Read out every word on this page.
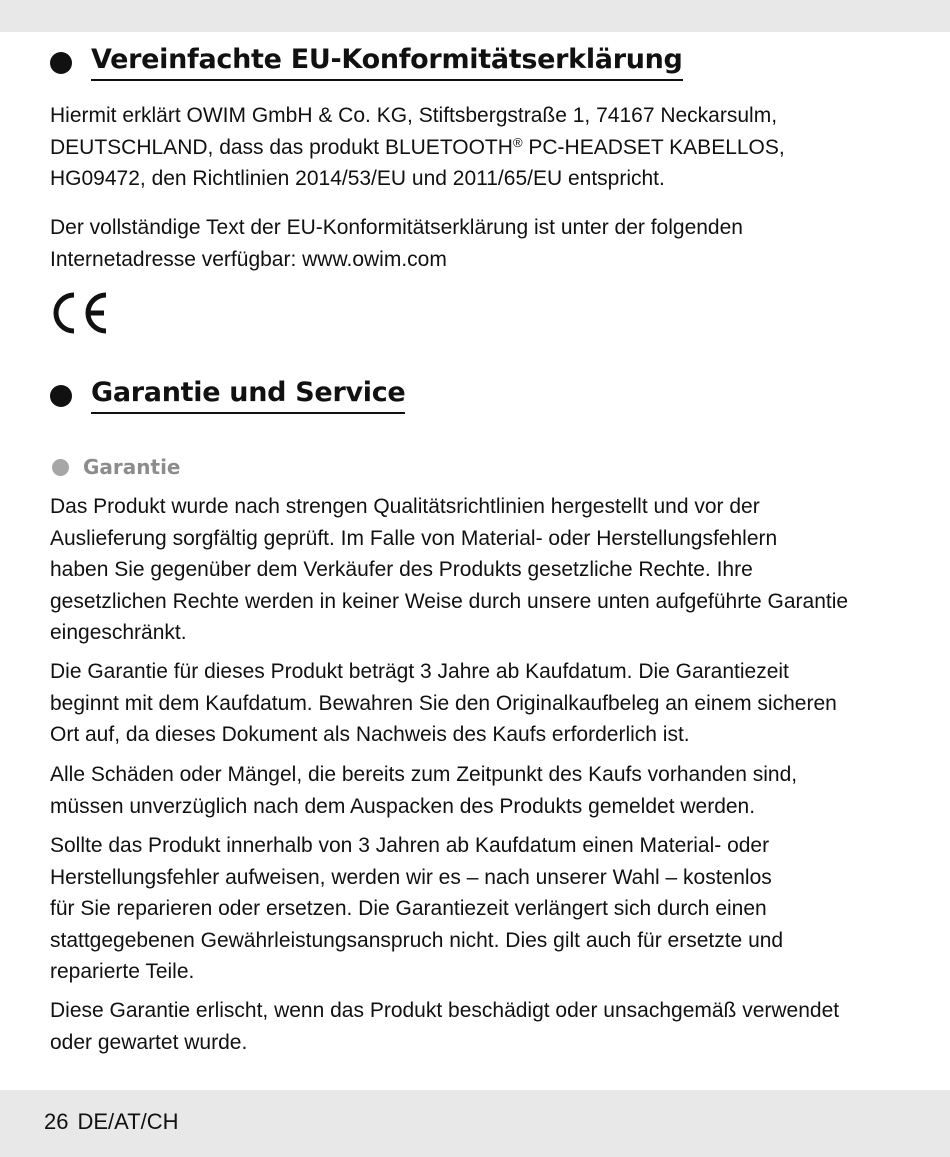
Vereinfachte EU-Konformitätserklärung

Hiermit erklärt OWIM GmbH & Co. KG, Stiftsbergstraße 1, 74167 Neckarsulm,
DEUTSCHLAND, dass das produkt BLUETOOTH® PC-HEADSET KABELLOS,
HG09472, den Richtlinien 2014/53/EU und 2011/65/EU entspricht.

Der vollständige Text der EU-Konformitätserklärung ist unter der folgenden
Internetadresse verfügbar: www.owim.com

Garantie und Service
Garantie

Das Produkt wurde nach strengen Qualitätsrichtlinien hergestellt und vor der
Auslieferung sorgfältig geprüft. Im Falle von Material- oder Herstellungsfehlern
haben Sie gegenüber dem Verkäufer des Produkts gesetzliche Rechte. Ihre
gesetzlichen Rechte werden in keiner Weise durch unsere unten aufgeführte Garantie
eingeschränkt.

Die Garantie für dieses Produkt beträgt 3 Jahre ab Kaufdatum. Die Garantiezeit
beginnt mit dem Kaufdatum. Bewahren Sie den Originalkaufbeleg an einem sicheren
Ort auf, da dieses Dokument als Nachweis des Kaufs erforderlich ist.

Alle Schäden oder Mängel, die bereits zum Zeitpunkt des Kaufs vorhanden sind,
müssen unverzüglich nach dem Auspacken des Produkts gemeldet werden.

Sollte das Produkt innerhalb von 3 Jahren ab Kaufdatum einen Material- oder
Herstellungsfehler aufweisen, werden wir es – nach unserer Wahl – kostenlos
für Sie reparieren oder ersetzen. Die Garantiezeit verlängert sich durch einen
stattgegebenen Gewährleistungsanspruch nicht. Dies gilt auch für ersetzte und
reparierte Teile.

Diese Garantie erlischt, wenn das Produkt beschädigt oder unsachgemäß verwendet
oder gewartet wurde.

26 DE/AT/CH
